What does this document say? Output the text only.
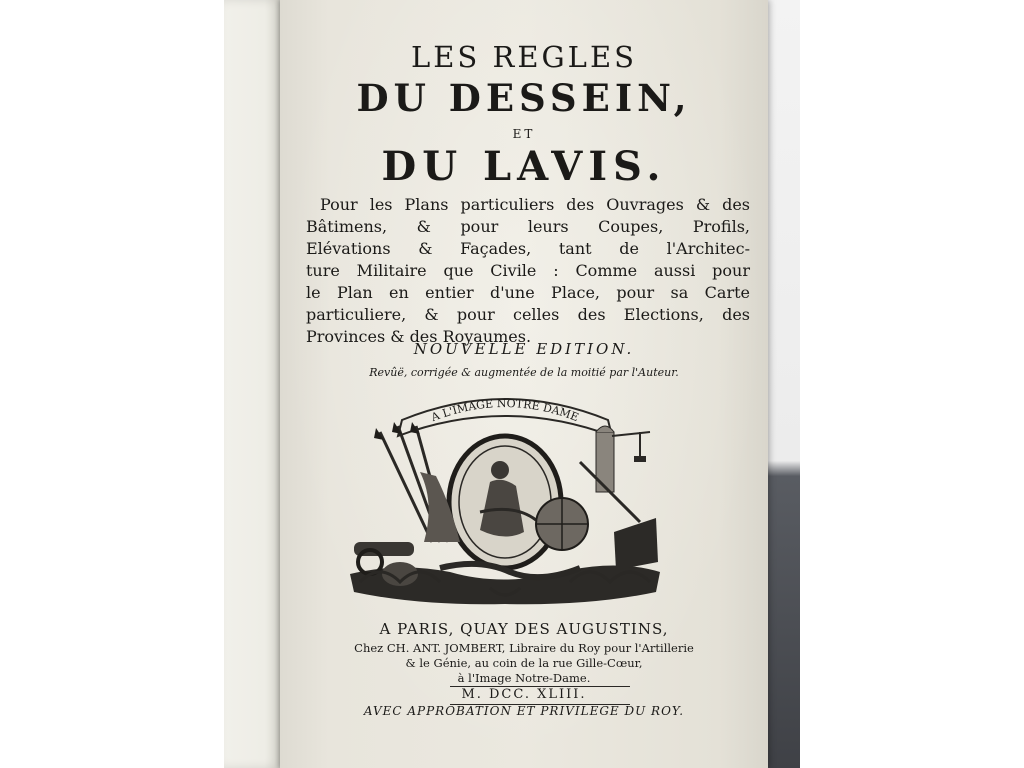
LES REGLES

DU DESSEIN,

ET

DU LAVIS.

Pour les Plans particuliers des Ouvrages & des

Bâtimens, & pour leurs Coupes, Profils,

Elévations & Façades, tant de l'Architec-

ture Militaire que Civile : Comme aussi pour

le Plan en entier d'une Place, pour sa Carte

particuliere, & pour celles des Elections, des

Provinces & des Royaumes.

NOUVELLE EDITION.

Revûë, corrigée & augmentée de la moitié par l'Auteur.

A L'IMAGE NOTRE DAME

A PARIS, QUAY DES AUGUSTINS,

Chez CH. ANT. JOMBERT, Libraire du Roy pour l'Artillerie

& le Génie, au coin de la rue Gille-Cœur,

à l'Image Notre-Dame.

M. DCC. XLIII.

AVEC APPROBATION ET PRIVILEGE DU ROY.
